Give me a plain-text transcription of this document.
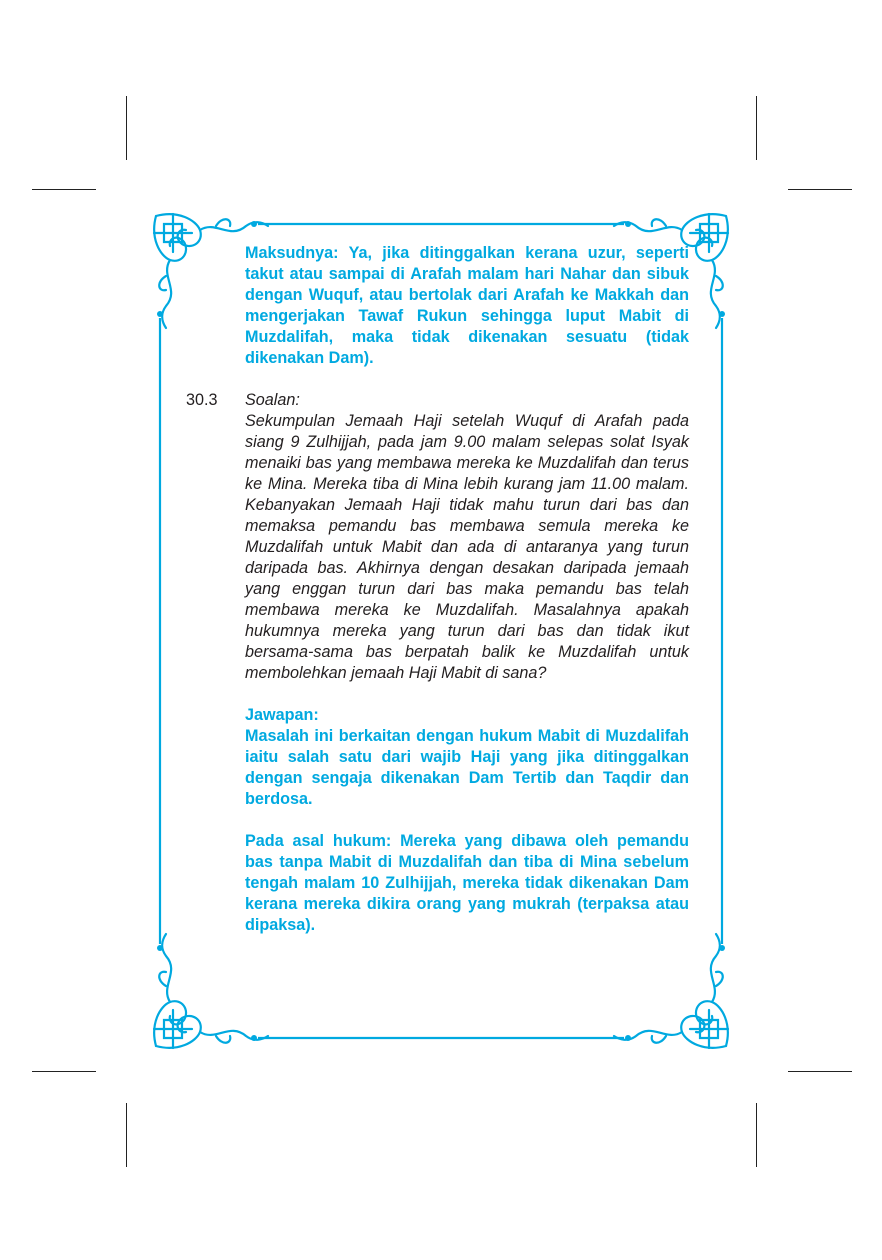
Maksudnya: Ya, jika ditinggalkan kerana uzur, seperti takut atau sampai di Arafah malam hari Nahar dan sibuk dengan Wuquf, atau bertolak dari Arafah ke Makkah dan mengerjakan Tawaf Rukun sehingga luput Mabit di Muzdalifah, maka tidak dikenakan sesuatu (tidak dikenakan Dam).

30.3	Soalan:

Sekumpulan Jemaah Haji setelah Wuquf di Arafah pada siang 9 Zulhijjah, pada jam 9.00 malam selepas solat Isyak menaiki bas yang membawa mereka ke Muzdalifah dan terus ke Mina. Mereka tiba di Mina lebih kurang jam 11.00 malam. Kebanyakan Jemaah Haji tidak mahu turun dari bas dan memaksa pemandu bas membawa semula mereka ke Muzdalifah untuk Mabit dan ada di antaranya yang turun daripada bas. Akhirnya dengan desakan daripada jemaah yang enggan turun dari bas maka pemandu bas telah membawa mereka ke Muzdalifah. Masalahnya apakah hukumnya mereka yang turun dari bas dan tidak ikut bersama-sama bas berpatah balik ke Muzdalifah untuk membolehkan jemaah Haji Mabit di sana?

Jawapan:

Masalah ini berkaitan dengan hukum Mabit di Muzdalifah iaitu salah satu dari wajib Haji yang jika ditinggalkan dengan sengaja dikenakan Dam Tertib dan Taqdir dan berdosa.

Pada asal hukum: Mereka yang dibawa oleh pemandu bas tanpa Mabit di Muzdalifah dan tiba di Mina sebelum tengah malam 10 Zulhijjah, mereka tidak dikenakan Dam kerana mereka dikira orang yang mukrah (terpaksa atau dipaksa).
